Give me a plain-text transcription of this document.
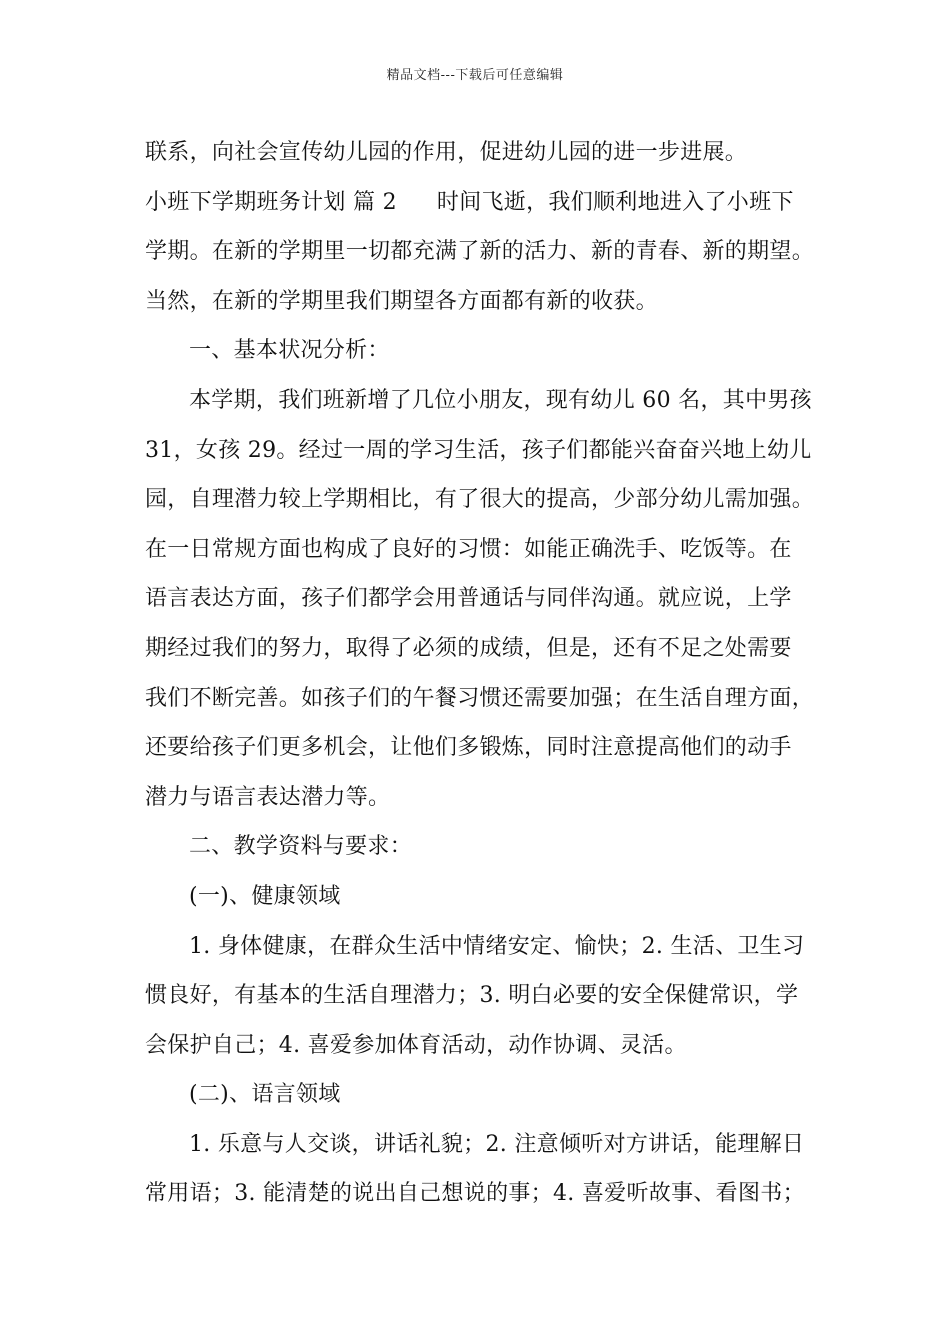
精品文档---下载后可任意编辑
联系，向社会宣传幼儿园的作用，促进幼儿园的进一步进展。
小班下学期班务计划 篇 2 时间飞逝，我们顺利地进入了小班下
学期。在新的学期里一切都充满了新的活力、新的青春、新的期望。
当然，在新的学期里我们期望各方面都有新的收获。
一、基本状况分析：
本学期，我们班新增了几位小朋友，现有幼儿 60 名，其中男孩
31，女孩 29。经过一周的学习生活，孩子们都能兴奋奋兴地上幼儿
园，自理潜力较上学期相比，有了很大的提高，少部分幼儿需加强。
在一日常规方面也构成了良好的习惯：如能正确洗手、吃饭等。在
语言表达方面，孩子们都学会用普通话与同伴沟通。就应说，上学
期经过我们的努力，取得了必须的成绩，但是，还有不足之处需要
我们不断完善。如孩子们的午餐习惯还需要加强；在生活自理方面，
还要给孩子们更多机会，让他们多锻炼，同时注意提高他们的动手
潜力与语言表达潜力等。
二、教学资料与要求：
(一)、健康领域
1. 身体健康，在群众生活中情绪安定、愉快；2. 生活、卫生习
惯良好，有基本的生活自理潜力；3. 明白必要的安全保健常识，学
会保护自己；4. 喜爱参加体育活动，动作协调、灵活。
(二)、语言领域
1. 乐意与人交谈，讲话礼貌；2. 注意倾听对方讲话，能理解日
常用语；3. 能清楚的说出自己想说的事；4. 喜爱听故事、看图书；
